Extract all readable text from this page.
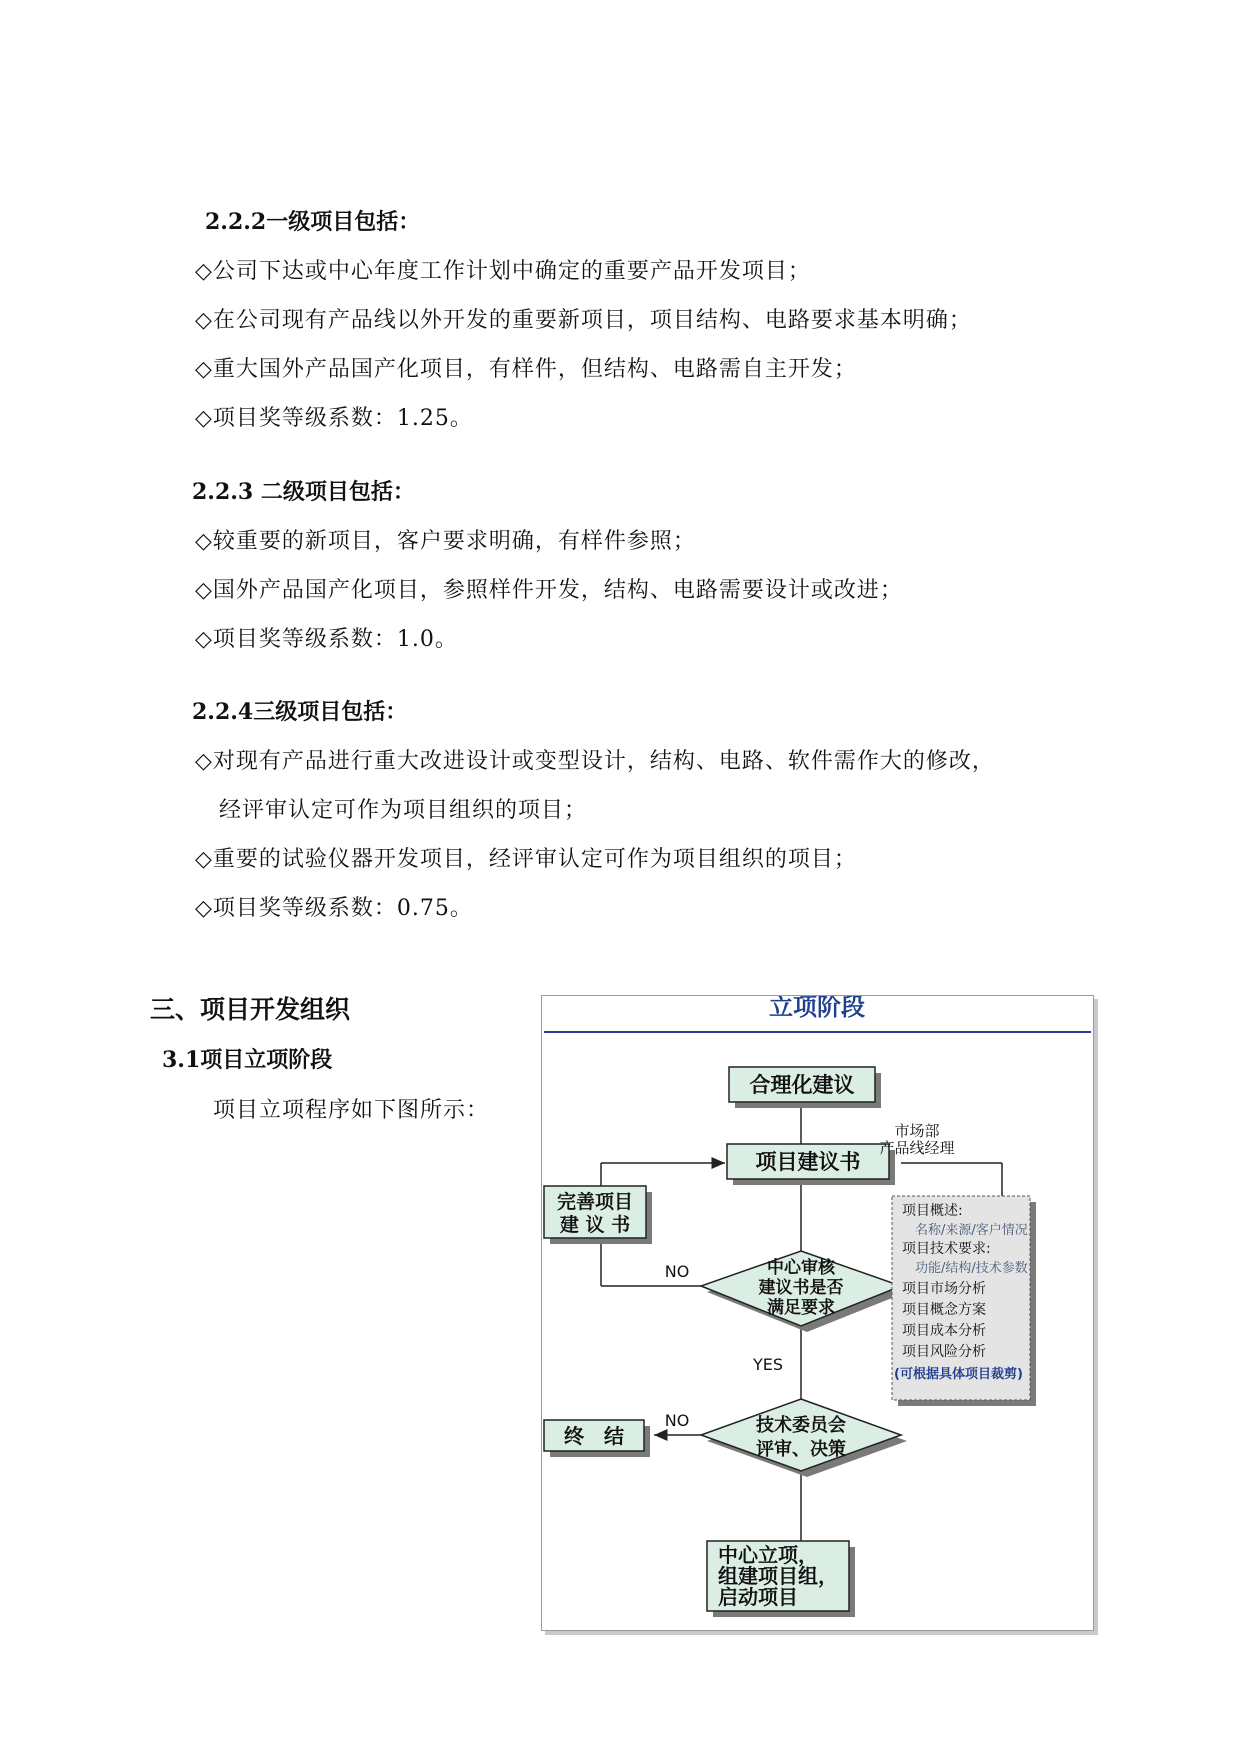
2.2.2一级项目包括：
◇公司下达或中心年度工作计划中确定的重要产品开发项目；
◇在公司现有产品线以外开发的重要新项目，项目结构、电路要求基本明确；
◇重大国外产品国产化项目，有样件，但结构、电路需自主开发；
◇项目奖等级系数：1.25。
2.2.3 二级项目包括：
◇较重要的新项目，客户要求明确，有样件参照；
◇国外产品国产化项目，参照样件开发，结构、电路需要设计或改进；
◇项目奖等级系数：1.0。
2.2.4三级项目包括：
◇对现有产品进行重大改进设计或变型设计，结构、电路、软件需作大的修改，
经评审认定可作为项目组织的项目；
◇重要的试验仪器开发项目，经评审认定可作为项目组织的项目；
◇项目奖等级系数：0.75。
三、项目开发组织
3.1项目立项阶段
项目立项程序如下图所示：
立项阶段
合理化建议
项目建议书
市场部
产品线经理
完善项目
建 议 书
中心审核
建议书是否
满足要求
NO
YES
技术委员会
评审、决策
NO
终　结
中心立项，
组建项目组，
启动项目
项目概述:
名称/来源/客户情况
项目技术要求:
功能/结构/技术参数
项目市场分析
项目概念方案
项目成本分析
项目风险分析
(可根据具体项目裁剪)
